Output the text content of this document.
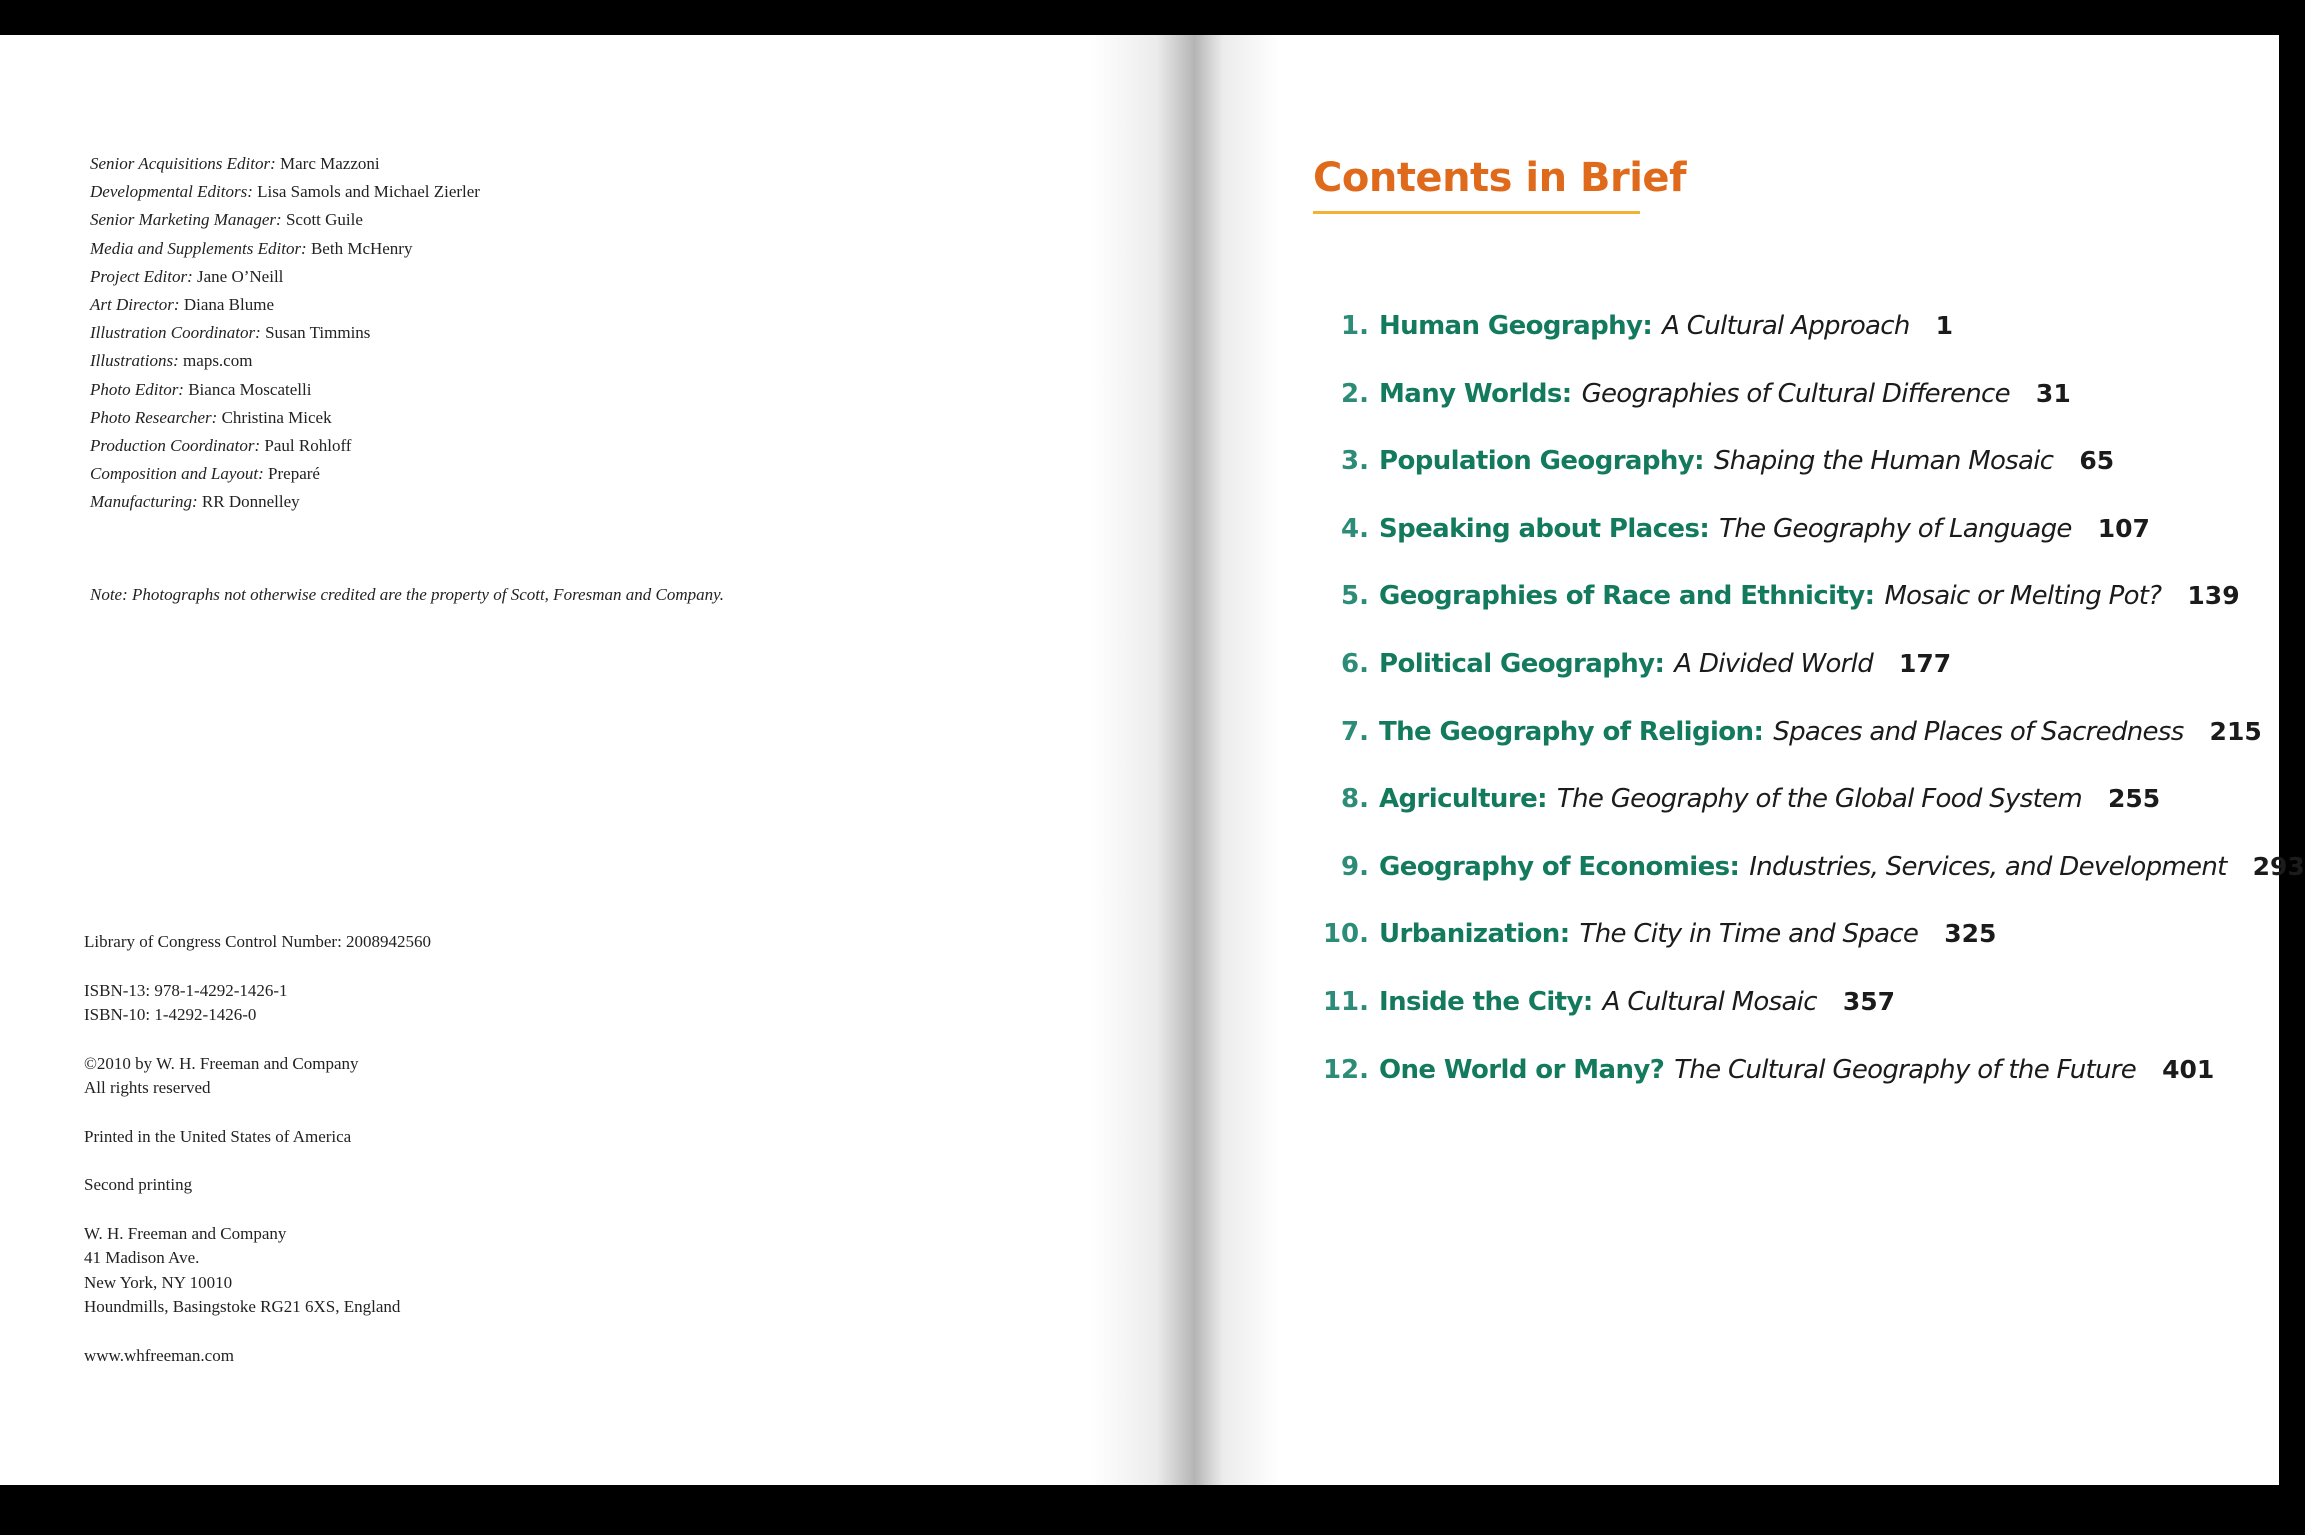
Senior Acquisitions Editor: Marc Mazzoni
Developmental Editors: Lisa Samols and Michael Zierler
Senior Marketing Manager: Scott Guile
Media and Supplements Editor: Beth McHenry
Project Editor: Jane O’Neill
Art Director: Diana Blume
Illustration Coordinator: Susan Timmins
Illustrations: maps.com
Photo Editor: Bianca Moscatelli
Photo Researcher: Christina Micek
Production Coordinator: Paul Rohloff
Composition and Layout: Preparé
Manufacturing: RR Donnelley
Note: Photographs not otherwise credited are the property of Scott, Foresman and Company.
Library of Congress Control Number: 2008942560
ISBN-13: 978-1-4292-1426-1
ISBN-10: 1-4292-1426-0
©2010 by W. H. Freeman and Company
All rights reserved
Printed in the United States of America
Second printing
W. H. Freeman and Company
41 Madison Ave.
New York, NY 10010
Houndmills, Basingstoke RG21 6XS, England
www.whfreeman.com
Contents in Brief
1. Human Geography: A Cultural Approach 1
2. Many Worlds: Geographies of Cultural Difference 31
3. Population Geography: Shaping the Human Mosaic 65
4. Speaking about Places: The Geography of Language 107
5. Geographies of Race and Ethnicity: Mosaic or Melting Pot? 139
6. Political Geography: A Divided World 177
7. The Geography of Religion: Spaces and Places of Sacredness 215
8. Agriculture: The Geography of the Global Food System 255
9. Geography of Economies: Industries, Services, and Development 293
10. Urbanization: The City in Time and Space 325
11. Inside the City: A Cultural Mosaic 357
12. One World or Many? The Cultural Geography of the Future 401
